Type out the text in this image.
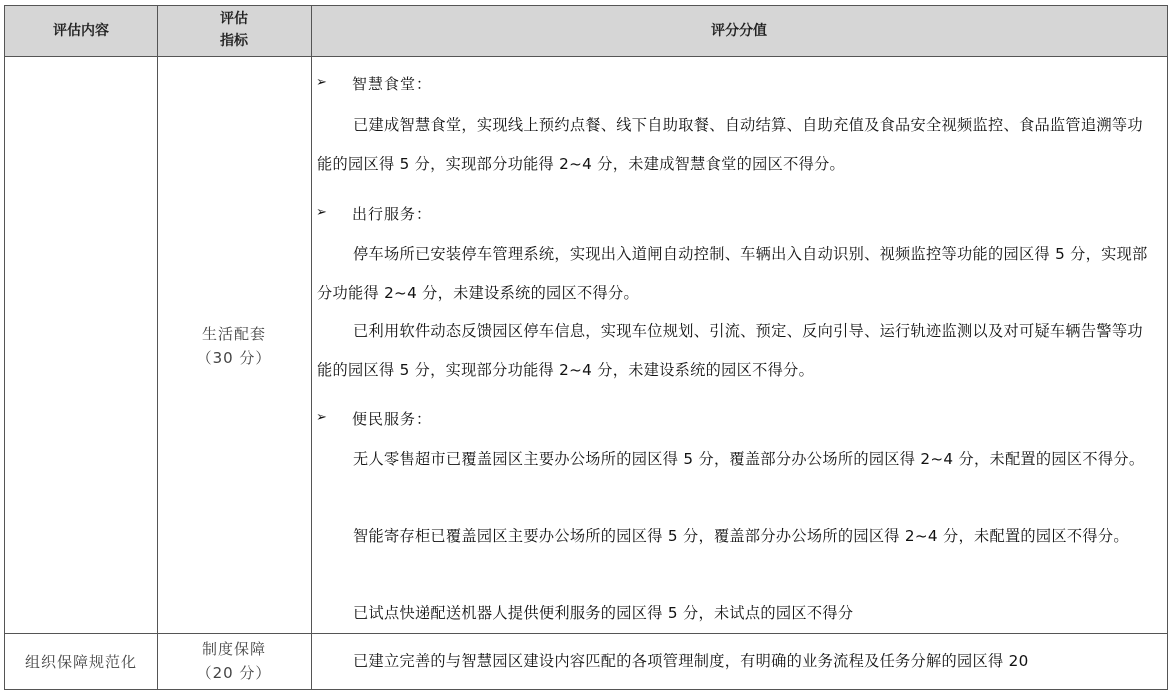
评估内容
评估
指标
评分分值
生活配套
（30 分）
➢ 智慧食堂：
已建成智慧食堂，实现线上预约点餐、线下自助取餐、自动结算、自助充值及食品安全视频监控、食品监管追溯等功能的园区得 5 分，实现部分功能得 2~4 分，未建成智慧食堂的园区不得分。
➢ 出行服务：
停车场所已安装停车管理系统，实现出入道闸自动控制、车辆出入自动识别、视频监控等功能的园区得 5 分，实现部分功能得 2~4 分，未建设系统的园区不得分。
已利用软件动态反馈园区停车信息，实现车位规划、引流、预定、反向引导、运行轨迹监测以及对可疑车辆告警等功能的园区得 5 分，实现部分功能得 2~4 分，未建设系统的园区不得分。
➢ 便民服务：
无人零售超市已覆盖园区主要办公场所的园区得 5 分，覆盖部分办公场所的园区得 2~4 分，未配置的园区不得分。
智能寄存柜已覆盖园区主要办公场所的园区得 5 分，覆盖部分办公场所的园区得 2~4 分，未配置的园区不得分。
已试点快递配送机器人提供便利服务的园区得 5 分，未试点的园区不得分
组织保障规范化
制度保障
（20 分）
已建立完善的与智慧园区建设内容匹配的各项管理制度，有明确的业务流程及任务分解的园区得 20
